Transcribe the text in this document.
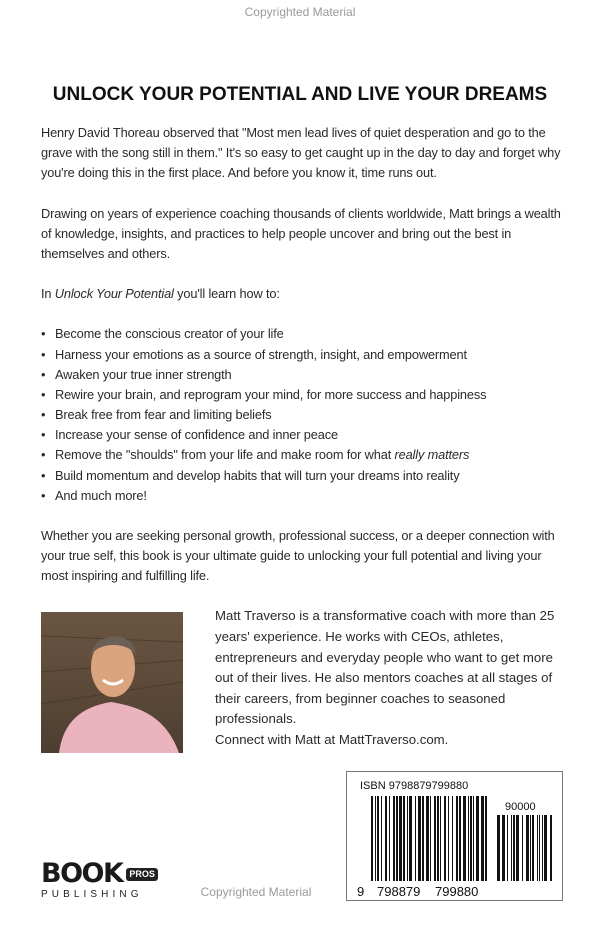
Copyrighted Material
UNLOCK YOUR POTENTIAL AND LIVE YOUR DREAMS

Henry David Thoreau observed that "Most men lead lives of quiet desperation and go to the grave with the song still in them." It's so easy to get caught up in the day to day and forget why you're doing this in the first place. And before you know it, time runs out.

Drawing on years of experience coaching thousands of clients worldwide, Matt brings a wealth of knowledge, insights, and practices to help people uncover and bring out the best in themselves and others.

In Unlock Your Potential you'll learn how to:

• Become the conscious creator of your life
• Harness your emotions as a source of strength, insight, and empowerment
• Awaken your true inner strength
• Rewire your brain, and reprogram your mind, for more success and happiness
• Break free from fear and limiting beliefs
• Increase your sense of confidence and inner peace
• Remove the "shoulds" from your life and make room for what really matters
• Build momentum and develop habits that will turn your dreams into reality
• And much more!

Whether you are seeking personal growth, professional success, or a deeper connection with your true self, this book is your ultimate guide to unlocking your full potential and living your most inspiring and fulfilling life.

Matt Traverso is a transformative coach with more than 25 years' experience. He works with CEOs, athletes, entrepreneurs and everyday people who want to get more out of their lives. He also mentors coaches at all stages of their careers, from beginner coaches to seasoned professionals.
Connect with Matt at MattTraverso.com.

BOOK PROS
PUBLISHING	Copyrighted Material
ISBN 9798879799880
90000
9 798879 799880
